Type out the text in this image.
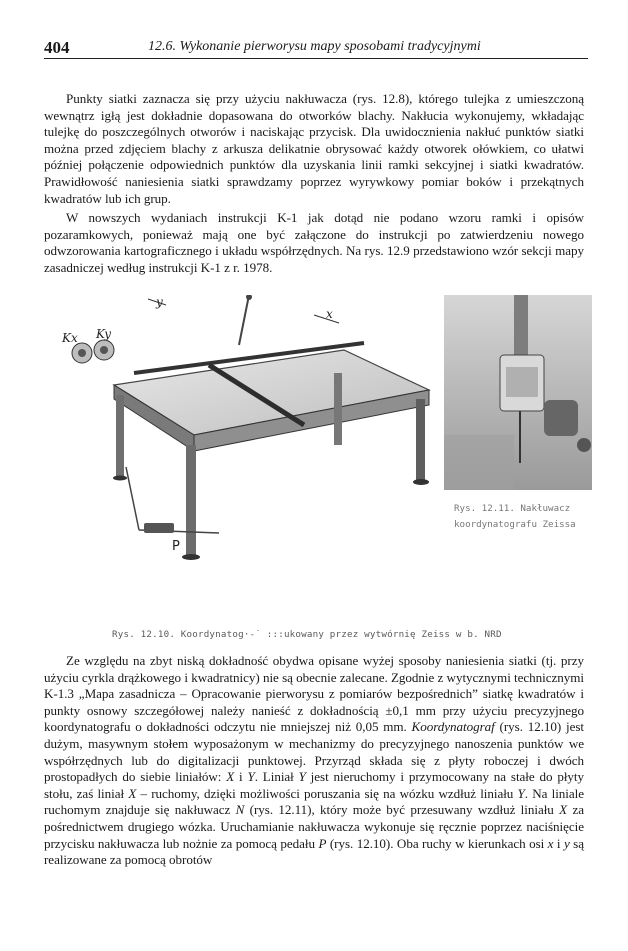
404	12.6. Wykonanie pierworysu mapy sposobami tradycyjnymi

Punkty siatki zaznacza się przy użyciu nakłuwacza (rys. 12.8), którego tulejka z umieszczoną wewnątrz igłą jest dokładnie dopasowana do otworków blachy. Nakłucia wykonujemy, wkładając tulejkę do poszczególnych otworów i naciskając przycisk. Dla uwidocznienia nakłuć punktów siatki można przed zdjęciem blachy z arkusza delikatnie obrysować każdy otworek ołówkiem, co ułatwi później połączenie odpowiednich punktów dla uzyskania linii ramki sekcyjnej i siatki kwadratów. Prawidłowość naniesienia siatki sprawdzamy poprzez wyrywkowy pomiar boków i przekątnych kwadratów lub ich grup.

W nowszych wydaniach instrukcji K-1 jak dotąd nie podano wzoru ramki i opisów pozaramkowych, ponieważ mają one być załączone do instrukcji po zatwierdzeniu nowego odwzorowania kartograficznego i układu współrzędnych. Na rys. 12.9 przedstawiono wzór sekcji mapy zasadniczej według instrukcji K-1 z r. 1978.

Kx Ky
y
x
P
Rys. 12.11. Nakłuwacz
koordynatografu Zeissa
Rys. 12.10. Koordynatog·-˙ :::ukowany przez wytwórnię Zeiss w b. NRD

Ze względu na zbyt niską dokładność obydwa opisane wyżej sposoby naniesienia siatki (tj. przy użyciu cyrkla drążkowego i kwadratnicy) nie są obecnie zalecane. Zgodnie z wytycznymi technicznymi K-1.3 „Mapa zasadnicza – Opracowanie pierworysu z pomiarów bezpośrednich” siatkę kwadratów i punkty osnowy szczegółowej należy nanieść z dokładnością ±0,1 mm przy użyciu precyzyjnego koordynatografu o dokładności odczytu nie mniejszej niż 0,05 mm. Koordynatograf (rys. 12.10) jest dużym, masywnym stołem wyposażonym w mechanizmy do precyzyjnego nanoszenia punktów we współrzędnych lub do digitalizacji punktowej. Przyrząd składa się z płyty roboczej i dwóch prostopadłych do siebie liniałów: X i Y. Liniał Y jest nieruchomy i przymocowany na stałe do płyty stołu, zaś liniał X – ruchomy, dzięki możliwości poruszania się na wózku wzdłuż liniału Y. Na liniale ruchomym znajduje się nakłuwacz N (rys. 12.11), który może być przesuwany wzdłuż liniału X za pośrednictwem drugiego wózka. Uruchamianie nakłuwacza wykonuje się ręcznie poprzez naciśnięcie przycisku nakłuwacza lub nożnie za pomocą pedału P (rys. 12.10). Oba ruchy w kierunkach osi x i y są realizowane za pomocą obrotów
